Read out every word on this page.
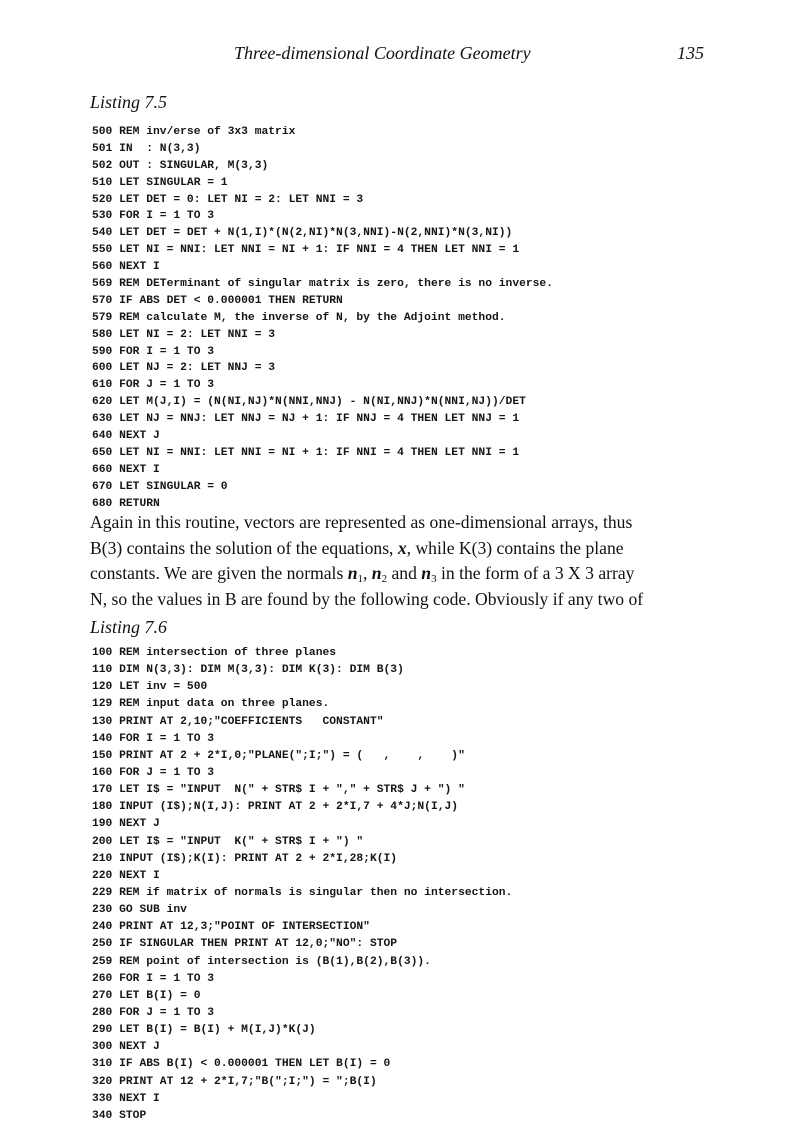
Three-dimensional Coordinate Geometry	135
Listing 7.5
500 REM inv/erse of 3x3 matrix
501 IN  : N(3,3)
502 OUT : SINGULAR, M(3,3)
510 LET SINGULAR = 1
520 LET DET = 0: LET NI = 2: LET NNI = 3
530 FOR I = 1 TO 3
540 LET DET = DET + N(1,I)*(N(2,NI)*N(3,NNI)-N(2,NNI)*N(3,NI))
550 LET NI = NNI: LET NNI = NI + 1: IF NNI = 4 THEN LET NNI = 1
560 NEXT I
569 REM DETerminant of singular matrix is zero, there is no inverse.
570 IF ABS DET < 0.000001 THEN RETURN
579 REM calculate M, the inverse of N, by the Adjoint method.
580 LET NI = 2: LET NNI = 3
590 FOR I = 1 TO 3
600 LET NJ = 2: LET NNJ = 3
610 FOR J = 1 TO 3
620 LET M(J,I) = (N(NI,NJ)*N(NNI,NNJ) - N(NI,NNJ)*N(NNI,NJ))/DET
630 LET NJ = NNJ: LET NNJ = NJ + 1: IF NNJ = 4 THEN LET NNJ = 1
640 NEXT J
650 LET NI = NNI: LET NNI = NI + 1: IF NNI = 4 THEN LET NNI = 1
660 NEXT I
670 LET SINGULAR = 0
680 RETURN

Again in this routine, vectors are represented as one-dimensional arrays, thus

B(3) contains the solution of the equations, x, while K(3) contains the plane

constants. We are given the normals $n_1$, $n_2$ and $n_3$ in the form of a 3 X 3 array

N, so the values in B are found by the following code. Obviously if any two of

Listing 7.6
100 REM intersection of three planes
110 DIM N(3,3): DIM M(3,3): DIM K(3): DIM B(3)
120 LET inv = 500
129 REM input data on three planes.
130 PRINT AT 2,10;"COEFFICIENTS   CONSTANT"
140 FOR I = 1 TO 3
150 PRINT AT 2 + 2*I,0;"PLANE(";I;") = (   ,    ,    )"
160 FOR J = 1 TO 3
170 LET I$ = "INPUT  N(" + STR$ I + "," + STR$ J + ") "
180 INPUT (I$);N(I,J): PRINT AT 2 + 2*I,7 + 4*J;N(I,J)
190 NEXT J
200 LET I$ = "INPUT  K(" + STR$ I + ") "
210 INPUT (I$);K(I): PRINT AT 2 + 2*I,28;K(I)
220 NEXT I
229 REM if matrix of normals is singular then no intersection.
230 GO SUB inv
240 PRINT AT 12,3;"POINT OF INTERSECTION"
250 IF SINGULAR THEN PRINT AT 12,0;"NO": STOP
259 REM point of intersection is (B(1),B(2),B(3)).
260 FOR I = 1 TO 3
270 LET B(I) = 0
280 FOR J = 1 TO 3
290 LET B(I) = B(I) + M(I,J)*K(J)
300 NEXT J
310 IF ABS B(I) < 0.000001 THEN LET B(I) = 0
320 PRINT AT 12 + 2*I,7;"B(";I;") = ";B(I)
330 NEXT I
340 STOP
